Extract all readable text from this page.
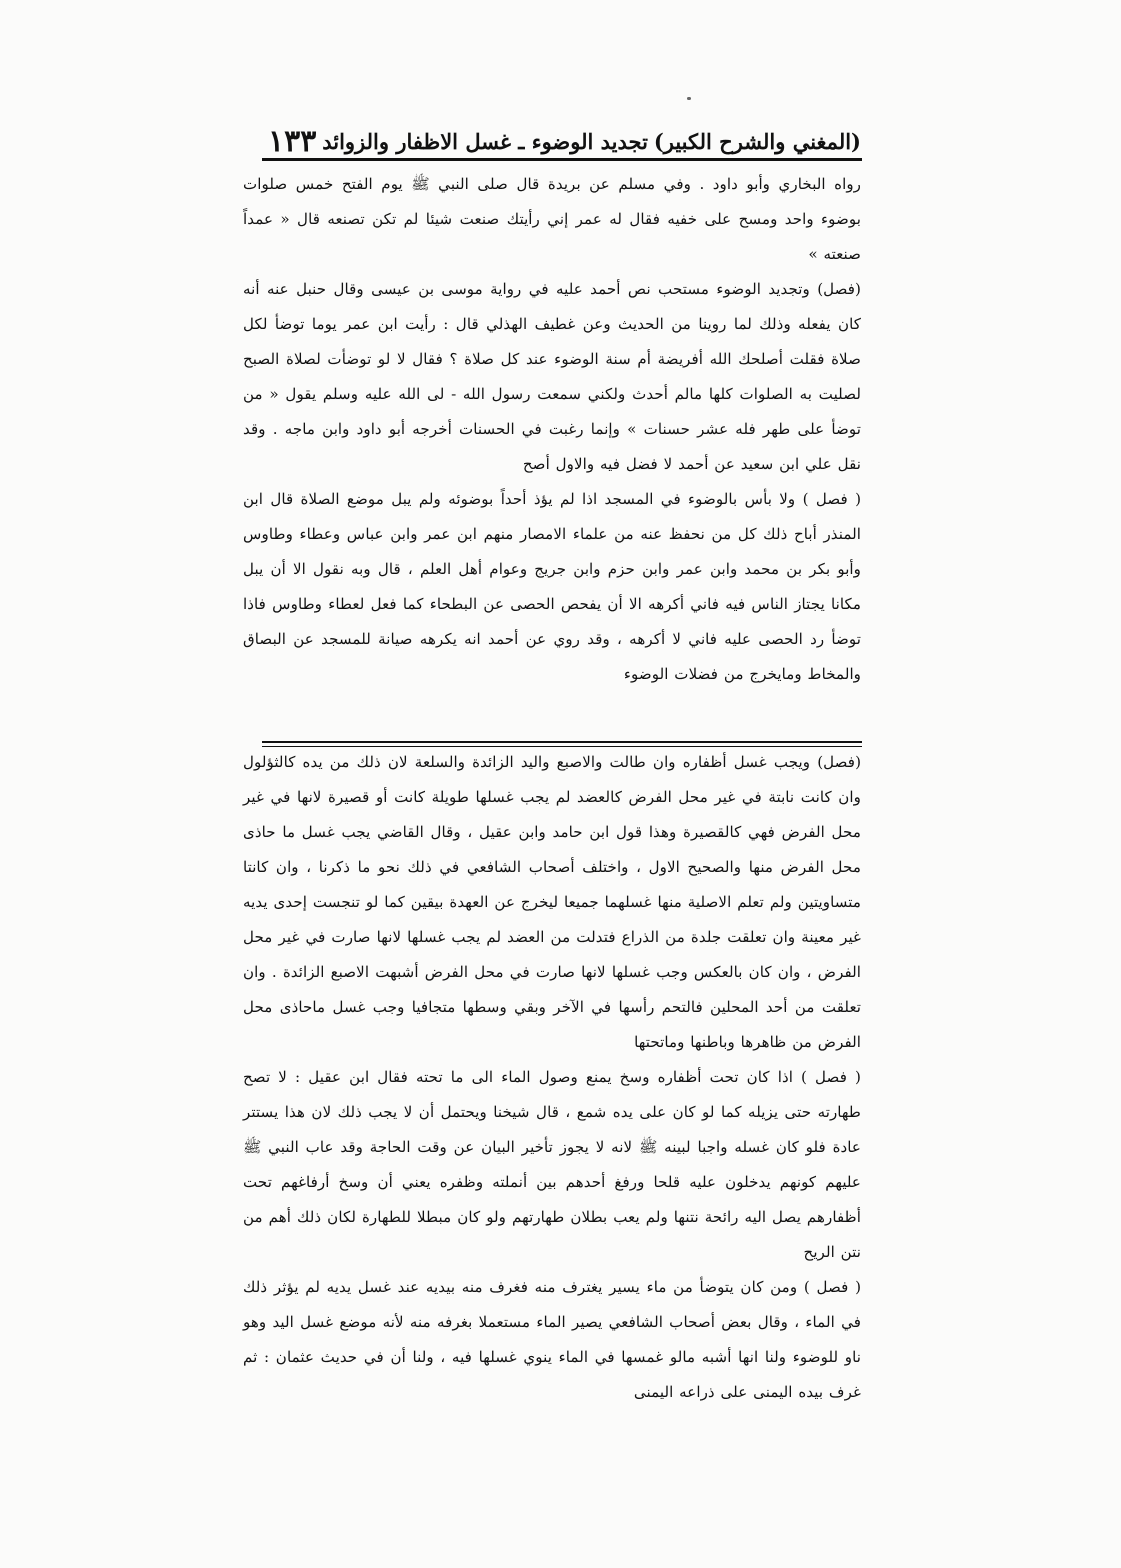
(المغني والشرح الكبير)
تجديد الوضوء ـ غسل الاظفار والزوائد
١٣٣

رواه البخاري وأبو داود . وفي مسلم عن بريدة قال صلى النبي ﷺ يوم الفتح خمس صلوات بوضوء واحد ومسح على خفيه فقال له عمر إني رأيتك صنعت شيئا لم تكن تصنعه قال « عمداً صنعته »

(فصل) وتجديد الوضوء مستحب نص أحمد عليه في رواية موسى بن عيسى وقال حنبل عنه أنه كان يفعله وذلك لما روينا من الحديث وعن غطيف الهذلي قال : رأيت ابن عمر يوما توضأ لكل صلاة فقلت أصلحك الله أفريضة أم سنة الوضوء عند كل صلاة ؟ فقال لا لو توضأت لصلاة الصبح لصليت به الصلوات كلها مالم أحدث ولكني سمعت رسول الله - لى الله عليه وسلم يقول « من توضأ على طهر فله عشر حسنات » وإنما رغبت في الحسنات أخرجه أبو داود وابن ماجه . وقد نقل علي ابن سعيد عن أحمد لا فضل فيه والاول أصح

( فصل ) ولا بأس بالوضوء في المسجد اذا لم يؤذ أحداً بوضوئه ولم يبل موضع الصلاة قال ابن المنذر أباح ذلك كل من نحفظ عنه من علماء الامصار منهم ابن عمر وابن عباس وعطاء وطاوس وأبو بكر بن محمد وابن عمر وابن حزم وابن جريج وعوام أهل العلم ، قال وبه نقول الا أن يبل مكانا يجتاز الناس فيه فاني أكرهه الا أن يفحص الحصى عن البطحاء كما فعل لعطاء وطاوس فاذا توضأ رد الحصى عليه فاني لا أكرهه ، وقد روي عن أحمد انه يكرهه صيانة للمسجد عن البصاق والمخاط ومايخرج من فضلات الوضوء

(فصل) ويجب غسل أظفاره وان طالت والاصبع واليد الزائدة والسلعة لان ذلك من يده كالثؤلول وان كانت نابتة في غير محل الفرض كالعضد لم يجب غسلها طويلة كانت أو قصيرة لانها في غير محل الفرض فهي كالقصيرة وهذا قول ابن حامد وابن عقيل ، وقال القاضي يجب غسل ما حاذى محل الفرض منها والصحيح الاول ، واختلف أصحاب الشافعي في ذلك نحو ما ذكرنا ، وان كانتا متساويتين ولم تعلم الاصلية منها غسلهما جميعا ليخرج عن العهدة بيقين كما لو تنجست إحدى يديه غير معينة وان تعلقت جلدة من الذراع فتدلت من العضد لم يجب غسلها لانها صارت في غير محل الفرض ، وان كان بالعكس وجب غسلها لانها صارت في محل الفرض أشبهت الاصبع الزائدة . وان تعلقت من أحد المحلين فالتحم رأسها في الآخر وبقي وسطها متجافيا وجب غسل ماحاذى محل الفرض من ظاهرها وباطنها وماتحتها

( فصل ) اذا كان تحت أظفاره وسخ يمنع وصول الماء الى ما تحته فقال ابن عقيل : لا تصح طهارته حتى يزيله كما لو كان على يده شمع ، قال شيخنا ويحتمل أن لا يجب ذلك لان هذا يستتر عادة فلو كان غسله واجبا لبينه ﷺ لانه لا يجوز تأخير البيان عن وقت الحاجة وقد عاب النبي ﷺ عليهم كونهم يدخلون عليه قلحا ورفغ أحدهم بين أنملته وظفره يعني أن وسخ أرفاغهم تحت أظفارهم يصل اليه رائحة نتنها ولم يعب بطلان طهارتهم ولو كان مبطلا للطهارة لكان ذلك أهم من نتن الريح

( فصل ) ومن كان يتوضأ من ماء يسير يغترف منه فغرف منه بيديه عند غسل يديه لم يؤثر ذلك في الماء ، وقال بعض أصحاب الشافعي يصير الماء مستعملا بغرفه منه لأنه موضع غسل اليد وهو ناو للوضوء ولنا انها أشبه مالو غمسها في الماء ينوي غسلها فيه ، ولنا أن في حديث عثمان : ثم غرف بيده اليمنى على ذراعه اليمنى
